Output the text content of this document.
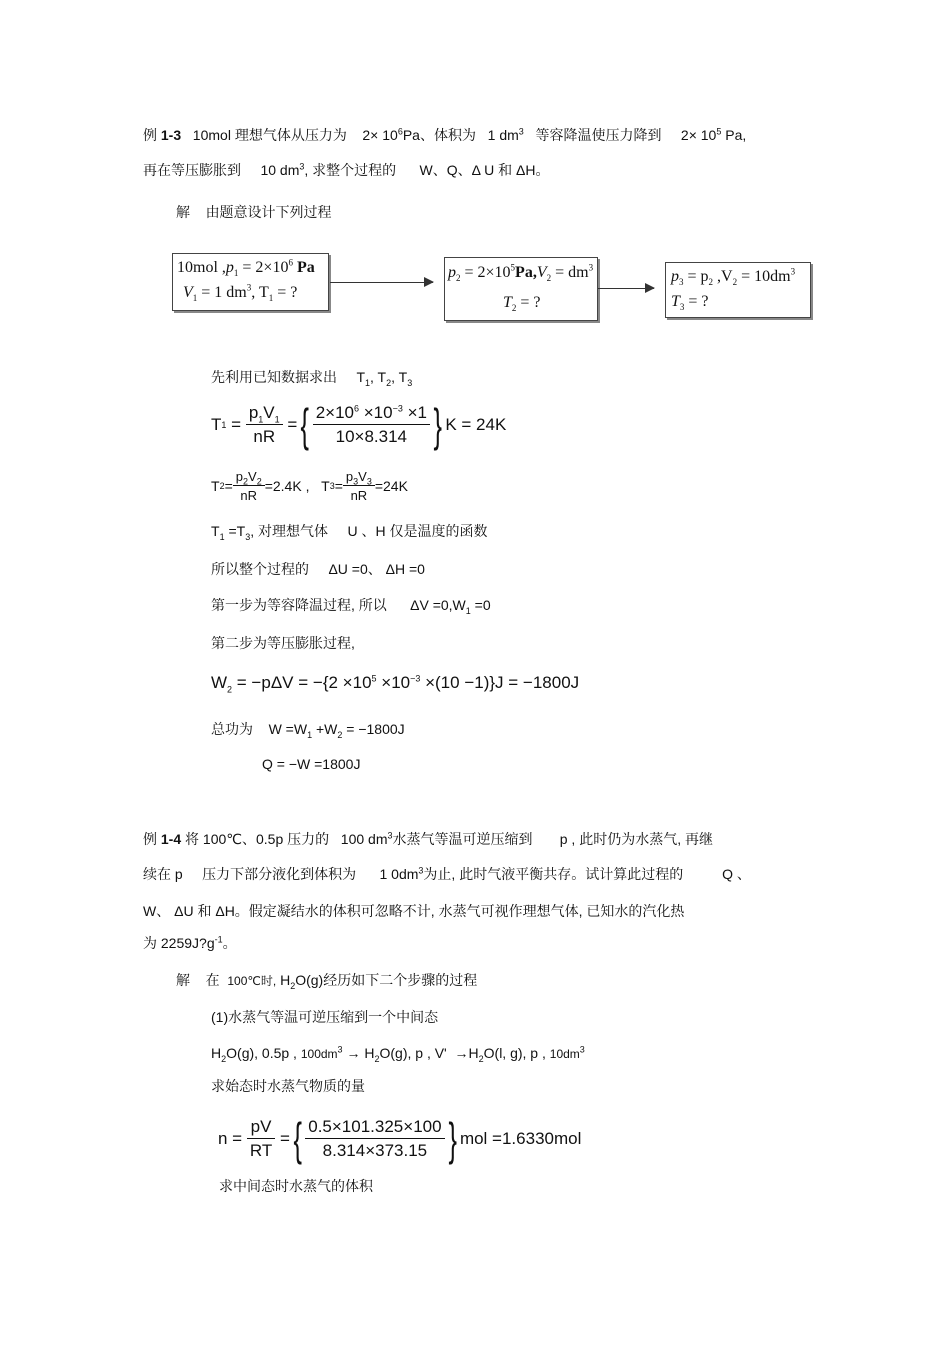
例 1-3 10mol 理想气体从压力为 $2\times 10^6Pa$、体积为 1 $dm^3$ 等容降温使压力降到 $2\times 10^5$ Pa,
再在等压膨胀到 10 $dm^3$, 求整个过程的 W、Q、Δ U 和 ΔH。
解 由题意设计下列过程
10mol $,p_1 = 2\times 10^6$ Pa
$V_1 = 1$ $dm^3$, $T_1$ = ?
$p_2 = 2\times 10^5Pa,V_2 = dm^3$
$T_2$ = ?
$p_3 = p_2$ $,V_2 = 10dm^3$
$T_3$ = ?
先利用已知数据求出 $T_1$, $T_2$, $T_3$
T 1
=
$\frac{p_1V_1}{nR}$
= { $\frac{2\times 10^6 \times 10^{-3} \times 1}{10\times 8.314}$ } K = 24K
T $2 = \frac{p_2V_2}{nR} =2.4K$ ,
T $3 = \frac{p_3V_3}{nR} =24K$
$T_1 =T_3$, 对理想气体 U 、H 仅是温度的函数
所以整个过程的 ΔU =0、 ΔH =0
第一步为等容降温过程, 所以 $\Delta V =0,W_1 =0$
第二步为等压膨胀过程,
$W_2 = -p\Delta V = -\{2 \times 10^5 \times 10^{-3} \times(10 -1)\}J = -1800J$
总功为 $W =W_1 +W_2 = -1800J$
Q = −W =1800J
例 1-4 将 100℃、0.5p 压力的 100 $dm^3$水蒸气等温可逆压缩到 p , 此时仍为水蒸气, 再继
续在 p 压力下部分液化到体积为 1 $0dm^3$为止, 此时气液平衡共存。试计算此过程的	Q 、
W、 ΔU 和 ΔH。假定凝结水的体积可忽略不计, 水蒸气可视作理想气体, 已知水的汽化热
为 $2259J?g^{-1}$。
解 在 100℃时, $H_2O(g)$经历如下二个步骤的过程
(1)水蒸气等温可逆压缩到一个中间态
$H_2O(g)$, 0.5p , $100dm^3 \to H_2O(g)$, p , $V' \to H_2O(l$, g), p , $10dm^3$
求始态时水蒸气物质的量
n =
$\frac{pV}{RT}$
= { $\frac{0.5\times 101.325\times 100}{8.314\times 373.15}$ } mol =1.6330mol
求中间态时水蒸气的体积
